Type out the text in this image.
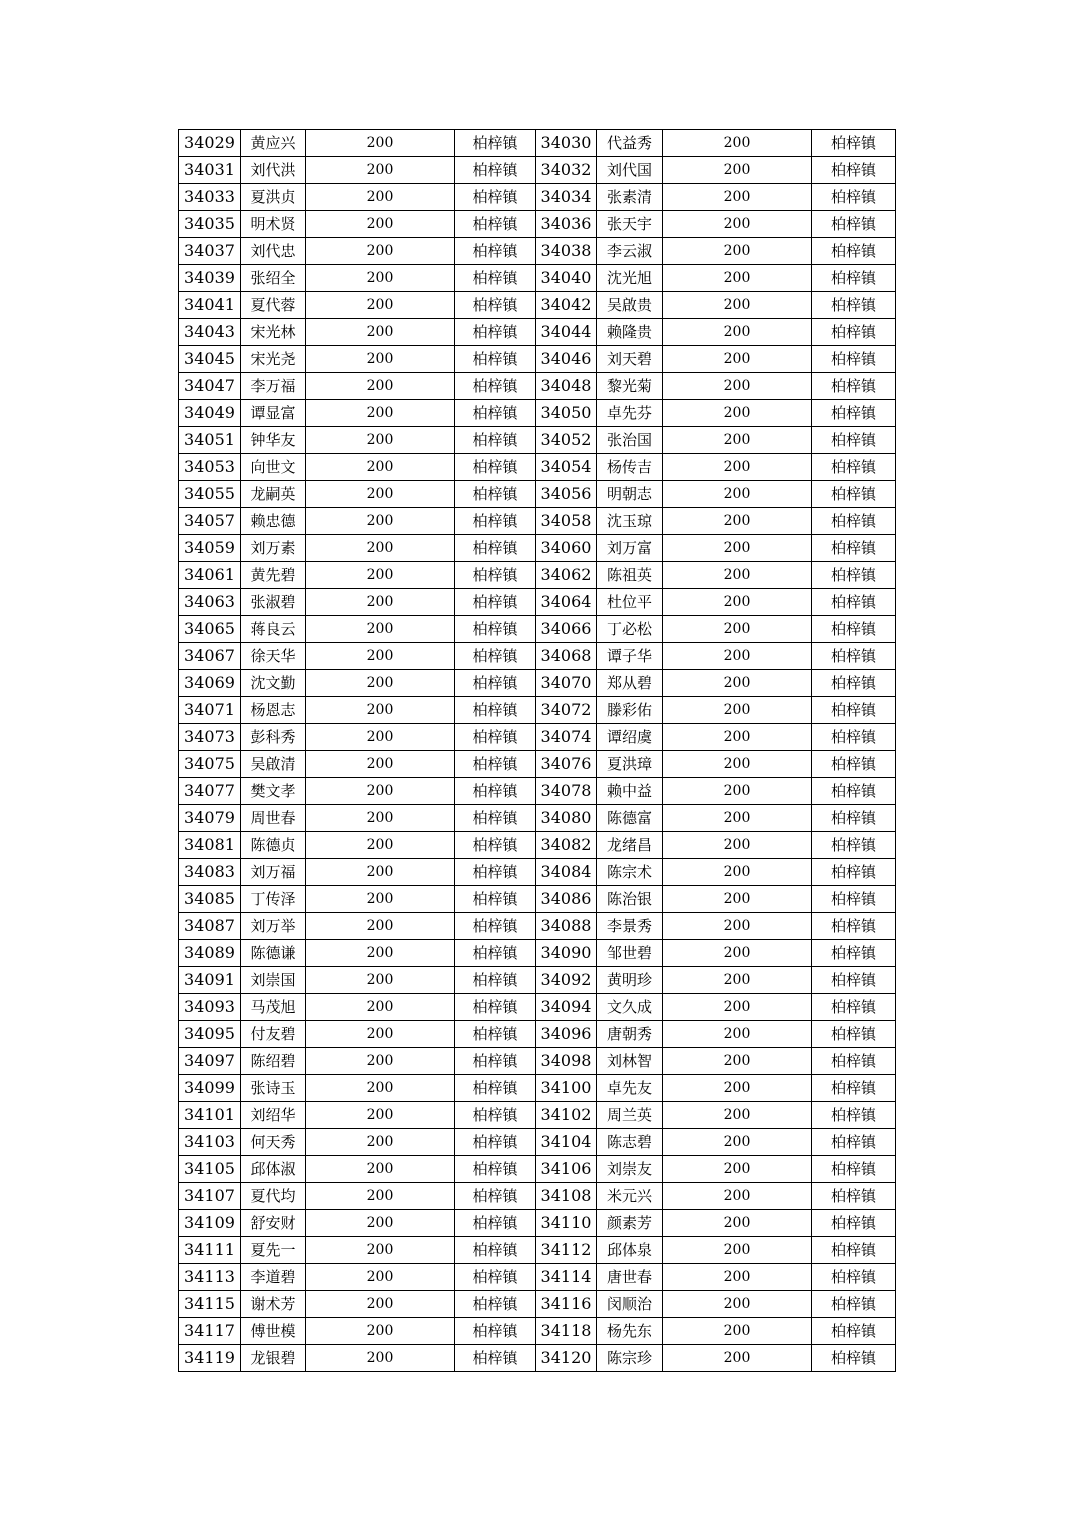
34029	黄应兴	200	柏梓镇	34030	代益秀	200	柏梓镇
34031	刘代洪	200	柏梓镇	34032	刘代国	200	柏梓镇
34033	夏洪贞	200	柏梓镇	34034	张素清	200	柏梓镇
34035	明术贤	200	柏梓镇	34036	张天宇	200	柏梓镇
34037	刘代忠	200	柏梓镇	34038	李云淑	200	柏梓镇
34039	张绍全	200	柏梓镇	34040	沈光旭	200	柏梓镇
34041	夏代蓉	200	柏梓镇	34042	吴啟贵	200	柏梓镇
34043	宋光林	200	柏梓镇	34044	赖隆贵	200	柏梓镇
34045	宋光尧	200	柏梓镇	34046	刘天碧	200	柏梓镇
34047	李万福	200	柏梓镇	34048	黎光菊	200	柏梓镇
34049	谭显富	200	柏梓镇	34050	卓先芬	200	柏梓镇
34051	钟华友	200	柏梓镇	34052	张治国	200	柏梓镇
34053	向世文	200	柏梓镇	34054	杨传吉	200	柏梓镇
34055	龙嗣英	200	柏梓镇	34056	明朝志	200	柏梓镇
34057	赖忠德	200	柏梓镇	34058	沈玉琼	200	柏梓镇
34059	刘万素	200	柏梓镇	34060	刘万富	200	柏梓镇
34061	黄先碧	200	柏梓镇	34062	陈祖英	200	柏梓镇
34063	张淑碧	200	柏梓镇	34064	杜位平	200	柏梓镇
34065	蒋良云	200	柏梓镇	34066	丁必松	200	柏梓镇
34067	徐天华	200	柏梓镇	34068	谭子华	200	柏梓镇
34069	沈文勤	200	柏梓镇	34070	郑从碧	200	柏梓镇
34071	杨恩志	200	柏梓镇	34072	滕彩佑	200	柏梓镇
34073	彭科秀	200	柏梓镇	34074	谭绍虞	200	柏梓镇
34075	吴啟清	200	柏梓镇	34076	夏洪璋	200	柏梓镇
34077	樊文孝	200	柏梓镇	34078	赖中益	200	柏梓镇
34079	周世春	200	柏梓镇	34080	陈德富	200	柏梓镇
34081	陈德贞	200	柏梓镇	34082	龙绪昌	200	柏梓镇
34083	刘万福	200	柏梓镇	34084	陈宗术	200	柏梓镇
34085	丁传泽	200	柏梓镇	34086	陈治银	200	柏梓镇
34087	刘万举	200	柏梓镇	34088	李景秀	200	柏梓镇
34089	陈德谦	200	柏梓镇	34090	邹世碧	200	柏梓镇
34091	刘崇国	200	柏梓镇	34092	黄明珍	200	柏梓镇
34093	马茂旭	200	柏梓镇	34094	文久成	200	柏梓镇
34095	付友碧	200	柏梓镇	34096	唐朝秀	200	柏梓镇
34097	陈绍碧	200	柏梓镇	34098	刘林智	200	柏梓镇
34099	张诗玉	200	柏梓镇	34100	卓先友	200	柏梓镇
34101	刘绍华	200	柏梓镇	34102	周兰英	200	柏梓镇
34103	何天秀	200	柏梓镇	34104	陈志碧	200	柏梓镇
34105	邱体淑	200	柏梓镇	34106	刘崇友	200	柏梓镇
34107	夏代均	200	柏梓镇	34108	米元兴	200	柏梓镇
34109	舒安财	200	柏梓镇	34110	颜素芳	200	柏梓镇
34111	夏先一	200	柏梓镇	34112	邱体泉	200	柏梓镇
34113	李道碧	200	柏梓镇	34114	唐世春	200	柏梓镇
34115	谢术芳	200	柏梓镇	34116	闵顺治	200	柏梓镇
34117	傅世模	200	柏梓镇	34118	杨先东	200	柏梓镇
34119	龙银碧	200	柏梓镇	34120	陈宗珍	200	柏梓镇
